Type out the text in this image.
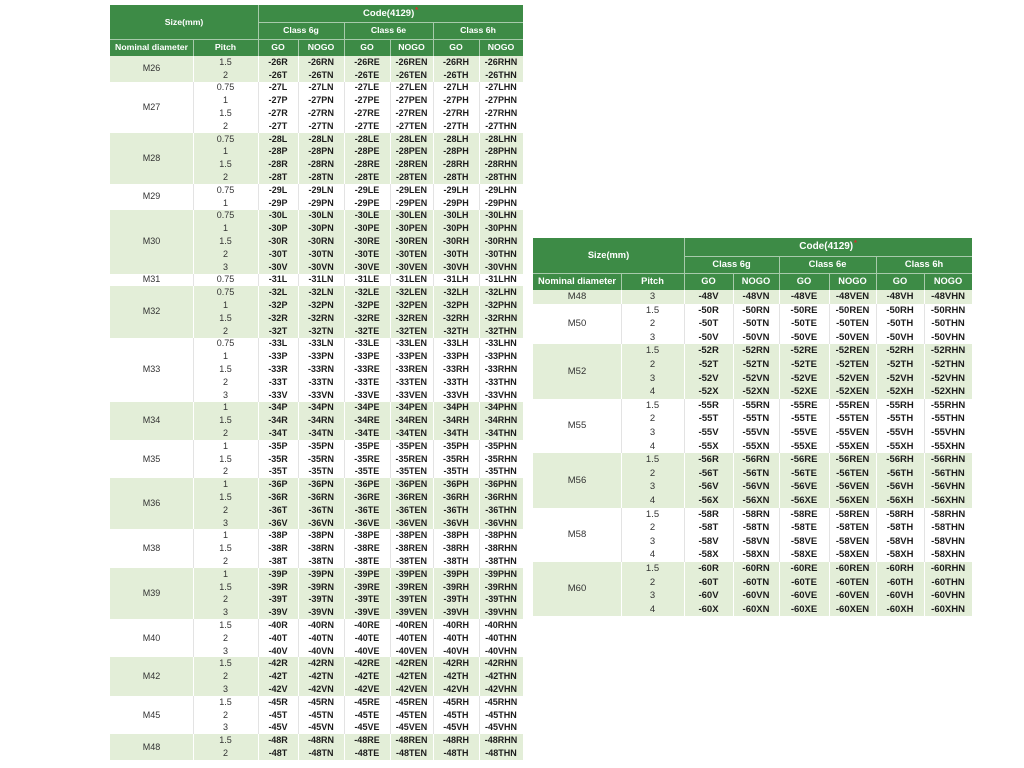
Size(mm)		Code(4129)*
		Class 6g		Class 6e		Class 6h	
Nominal diameter	Pitch	GO	NOGO	GO	NOGO	GO	NOGO
M26	1.5	-26R	-26RN	-26RE	-26REN	-26RH	-26RHN
	2	-26T	-26TN	-26TE	-26TEN	-26TH	-26THN
M27	0.75	-27L	-27LN	-27LE	-27LEN	-27LH	-27LHN
	1	-27P	-27PN	-27PE	-27PEN	-27PH	-27PHN
	1.5	-27R	-27RN	-27RE	-27REN	-27RH	-27RHN
	2	-27T	-27TN	-27TE	-27TEN	-27TH	-27THN
M28	0.75	-28L	-28LN	-28LE	-28LEN	-28LH	-28LHN
	1	-28P	-28PN	-28PE	-28PEN	-28PH	-28PHN
	1.5	-28R	-28RN	-28RE	-28REN	-28RH	-28RHN
	2	-28T	-28TN	-28TE	-28TEN	-28TH	-28THN
M29	0.75	-29L	-29LN	-29LE	-29LEN	-29LH	-29LHN
	1	-29P	-29PN	-29PE	-29PEN	-29PH	-29PHN
M30	0.75	-30L	-30LN	-30LE	-30LEN	-30LH	-30LHN
	1	-30P	-30PN	-30PE	-30PEN	-30PH	-30PHN
	1.5	-30R	-30RN	-30RE	-30REN	-30RH	-30RHN
	2	-30T	-30TN	-30TE	-30TEN	-30TH	-30THN
	3	-30V	-30VN	-30VE	-30VEN	-30VH	-30VHN
M31	0.75	-31L	-31LN	-31LE	-31LEN	-31LH	-31LHN
M32	0.75	-32L	-32LN	-32LE	-32LEN	-32LH	-32LHN
	1	-32P	-32PN	-32PE	-32PEN	-32PH	-32PHN
	1.5	-32R	-32RN	-32RE	-32REN	-32RH	-32RHN
	2	-32T	-32TN	-32TE	-32TEN	-32TH	-32THN
M33	0.75	-33L	-33LN	-33LE	-33LEN	-33LH	-33LHN
	1	-33P	-33PN	-33PE	-33PEN	-33PH	-33PHN
	1.5	-33R	-33RN	-33RE	-33REN	-33RH	-33RHN
	2	-33T	-33TN	-33TE	-33TEN	-33TH	-33THN
	3	-33V	-33VN	-33VE	-33VEN	-33VH	-33VHN
M34	1	-34P	-34PN	-34PE	-34PEN	-34PH	-34PHN
	1.5	-34R	-34RN	-34RE	-34REN	-34RH	-34RHN
	2	-34T	-34TN	-34TE	-34TEN	-34TH	-34THN
M35	1	-35P	-35PN	-35PE	-35PEN	-35PH	-35PHN
	1.5	-35R	-35RN	-35RE	-35REN	-35RH	-35RHN
	2	-35T	-35TN	-35TE	-35TEN	-35TH	-35THN
M36	1	-36P	-36PN	-36PE	-36PEN	-36PH	-36PHN
	1.5	-36R	-36RN	-36RE	-36REN	-36RH	-36RHN
	2	-36T	-36TN	-36TE	-36TEN	-36TH	-36THN
	3	-36V	-36VN	-36VE	-36VEN	-36VH	-36VHN
M38	1	-38P	-38PN	-38PE	-38PEN	-38PH	-38PHN
	1.5	-38R	-38RN	-38RE	-38REN	-38RH	-38RHN
	2	-38T	-38TN	-38TE	-38TEN	-38TH	-38THN
M39	1	-39P	-39PN	-39PE	-39PEN	-39PH	-39PHN
	1.5	-39R	-39RN	-39RE	-39REN	-39RH	-39RHN
	2	-39T	-39TN	-39TE	-39TEN	-39TH	-39THN
	3	-39V	-39VN	-39VE	-39VEN	-39VH	-39VHN
M40	1.5	-40R	-40RN	-40RE	-40REN	-40RH	-40RHN
	2	-40T	-40TN	-40TE	-40TEN	-40TH	-40THN
	3	-40V	-40VN	-40VE	-40VEN	-40VH	-40VHN
M42	1.5	-42R	-42RN	-42RE	-42REN	-42RH	-42RHN
	2	-42T	-42TN	-42TE	-42TEN	-42TH	-42THN
	3	-42V	-42VN	-42VE	-42VEN	-42VH	-42VHN
M45	1.5	-45R	-45RN	-45RE	-45REN	-45RH	-45RHN
	2	-45T	-45TN	-45TE	-45TEN	-45TH	-45THN
	3	-45V	-45VN	-45VE	-45VEN	-45VH	-45VHN
M48	1.5	-48R	-48RN	-48RE	-48REN	-48RH	-48RHN
	2	-48T	-48TN	-48TE	-48TEN	-48TH	-48THN
Size(mm)		Code(4129)*
		Class 6g		Class 6e		Class 6h	
Nominal diameter	Pitch	GO	NOGO	GO	NOGO	GO	NOGO
M48	3	-48V	-48VN	-48VE	-48VEN	-48VH	-48VHN
M50	1.5	-50R	-50RN	-50RE	-50REN	-50RH	-50RHN
	2	-50T	-50TN	-50TE	-50TEN	-50TH	-50THN
	3	-50V	-50VN	-50VE	-50VEN	-50VH	-50VHN
M52	1.5	-52R	-52RN	-52RE	-52REN	-52RH	-52RHN
	2	-52T	-52TN	-52TE	-52TEN	-52TH	-52THN
	3	-52V	-52VN	-52VE	-52VEN	-52VH	-52VHN
	4	-52X	-52XN	-52XE	-52XEN	-52XH	-52XHN
M55	1.5	-55R	-55RN	-55RE	-55REN	-55RH	-55RHN
	2	-55T	-55TN	-55TE	-55TEN	-55TH	-55THN
	3	-55V	-55VN	-55VE	-55VEN	-55VH	-55VHN
	4	-55X	-55XN	-55XE	-55XEN	-55XH	-55XHN
M56	1.5	-56R	-56RN	-56RE	-56REN	-56RH	-56RHN
	2	-56T	-56TN	-56TE	-56TEN	-56TH	-56THN
	3	-56V	-56VN	-56VE	-56VEN	-56VH	-56VHN
	4	-56X	-56XN	-56XE	-56XEN	-56XH	-56XHN
M58	1.5	-58R	-58RN	-58RE	-58REN	-58RH	-58RHN
	2	-58T	-58TN	-58TE	-58TEN	-58TH	-58THN
	3	-58V	-58VN	-58VE	-58VEN	-58VH	-58VHN
	4	-58X	-58XN	-58XE	-58XEN	-58XH	-58XHN
M60	1.5	-60R	-60RN	-60RE	-60REN	-60RH	-60RHN
	2	-60T	-60TN	-60TE	-60TEN	-60TH	-60THN
	3	-60V	-60VN	-60VE	-60VEN	-60VH	-60VHN
	4	-60X	-60XN	-60XE	-60XEN	-60XH	-60XHN
